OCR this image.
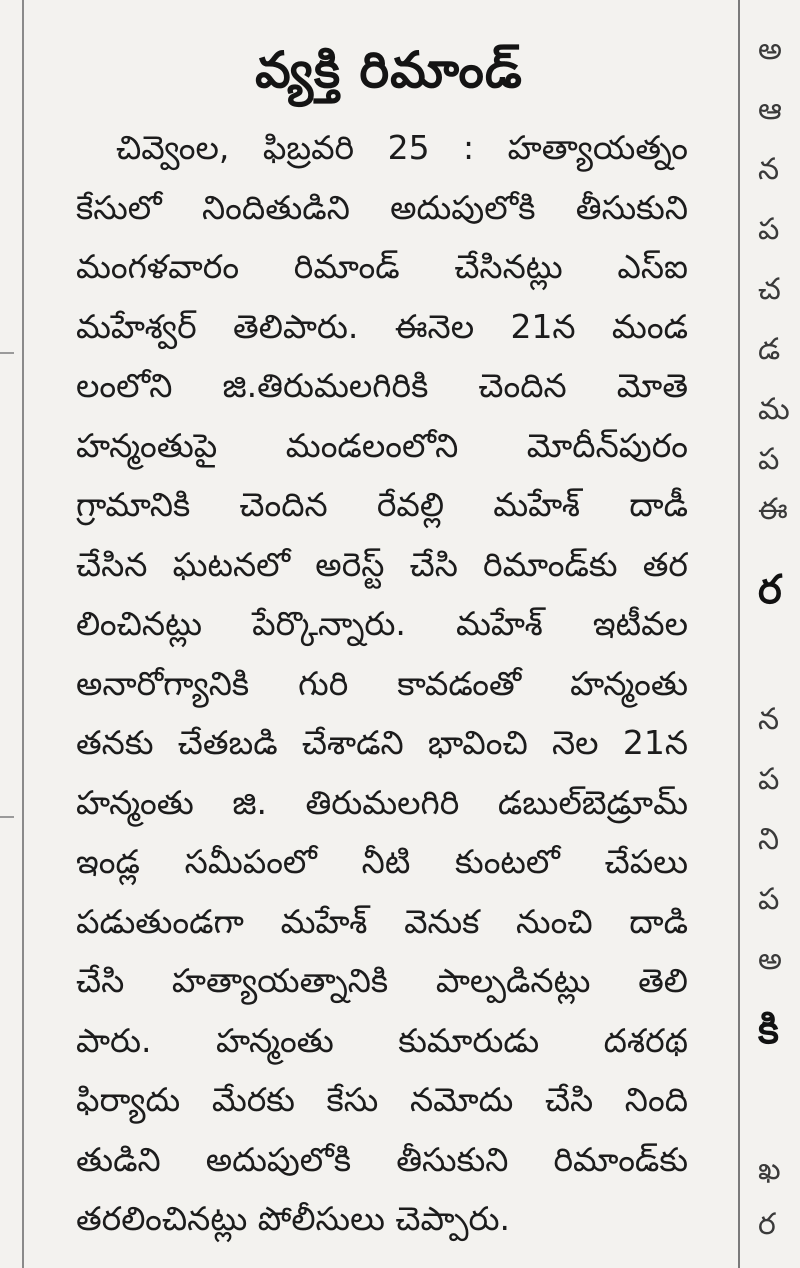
వ్యక్తి రిమాండ్
చివ్వెంల, ఫిబ్రవరి 25 : హత్యాయత్నం
కేసులో నిందితుడిని అదుపులోకి తీసుకుని
మంగళవారం రిమాండ్ చేసినట్లు ఎస్ఐ
మహేశ్వర్ తెలిపారు. ఈనెల 21న మండ
లంలోని జి.తిరుమలగిరికి చెందిన మోతె
హన్మంతుపై మండలంలోని మోదీన్‌పురం
గ్రామానికి చెందిన రేవల్లి మహేశ్ దాడీ
చేసిన ఘటనలో అరెస్ట్ చేసి రిమాండ్‌కు తర
లించినట్లు పేర్కొన్నారు. మహేశ్ ఇటీవల
అనారోగ్యానికి గురి కావడంతో హన్మంతు
తనకు చేతబడి చేశాడని భావించి నెల 21న
హన్మంతు జి. తిరుమలగిరి డబుల్‌బెడ్రూమ్
ఇండ్ల సమీపంలో నీటి కుంటలో చేపలు
పడుతుండగా మహేశ్ వెనుక నుంచి దాడి
చేసి హత్యాయత్నానికి పాల్పడినట్లు తెలి
పారు. హన్మంతు కుమారుడు దశరథ
ఫిర్యాదు మేరకు కేసు నమోదు చేసి నింది
తుడిని అదుపులోకి తీసుకుని రిమాండ్‌కు
తరలించినట్లు పోలీసులు చెప్పారు.
అ
ఆ
న
ప
చ
డ
మ
ప
ఈ
ర
న
ప
ని
ప
అ
కి
ఖ
ర
